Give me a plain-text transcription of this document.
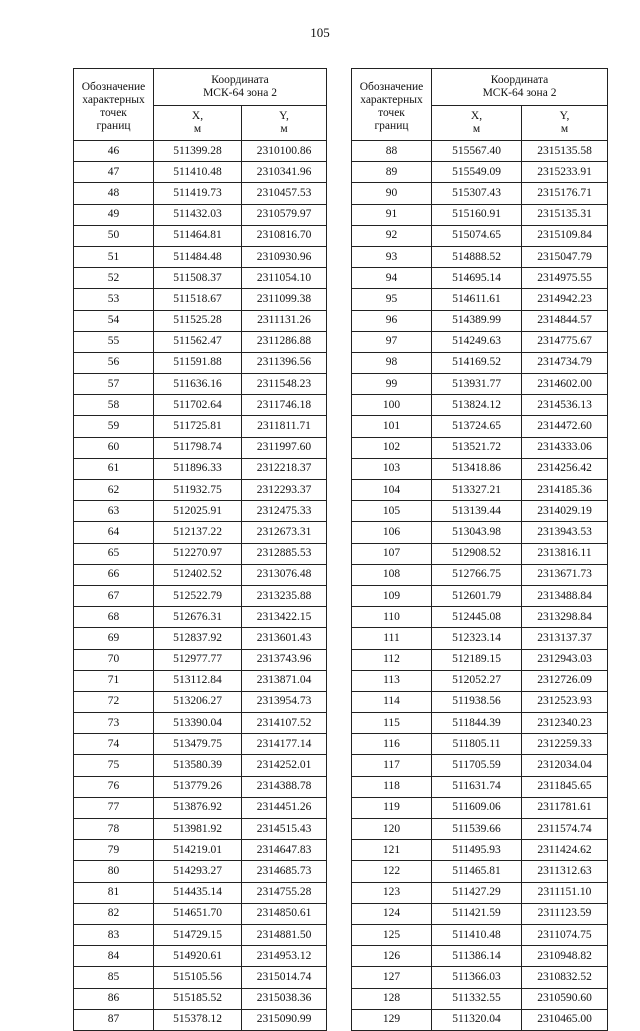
105
Обозначение
характерных
точек
границ	Координата
МСК-64 зона 2	

	X,
м	Y,
м

46	511399.28	2310100.86
47	511410.48	2310341.96
48	511419.73	2310457.53
49	511432.03	2310579.97
50	511464.81	2310816.70
51	511484.48	2310930.96
52	511508.37	2311054.10
53	511518.67	2311099.38
54	511525.28	2311131.26
55	511562.47	2311286.88
56	511591.88	2311396.56
57	511636.16	2311548.23
58	511702.64	2311746.18
59	511725.81	2311811.71
60	511798.74	2311997.60
61	511896.33	2312218.37
62	511932.75	2312293.37
63	512025.91	2312475.33
64	512137.22	2312673.31
65	512270.97	2312885.53
66	512402.52	2313076.48
67	512522.79	2313235.88
68	512676.31	2313422.15
69	512837.92	2313601.43
70	512977.77	2313743.96
71	513112.84	2313871.04
72	513206.27	2313954.73
73	513390.04	2314107.52
74	513479.75	2314177.14
75	513580.39	2314252.01
76	513779.26	2314388.78
77	513876.92	2314451.26
78	513981.92	2314515.43
79	514219.01	2314647.83
80	514293.27	2314685.73
81	514435.14	2314755.28
82	514651.70	2314850.61
83	514729.15	2314881.50
84	514920.61	2314953.12
85	515105.56	2315014.74
86	515185.52	2315038.36
87	515378.12	2315090.99
Обозначение
характерных
точек
границ	Координата
МСК-64 зона 2	

	X,
м	Y,
м

88	515567.40	2315135.58
89	515549.09	2315233.91
90	515307.43	2315176.71
91	515160.91	2315135.31
92	515074.65	2315109.84
93	514888.52	2315047.79
94	514695.14	2314975.55
95	514611.61	2314942.23
96	514389.99	2314844.57
97	514249.63	2314775.67
98	514169.52	2314734.79
99	513931.77	2314602.00
100	513824.12	2314536.13
101	513724.65	2314472.60
102	513521.72	2314333.06
103	513418.86	2314256.42
104	513327.21	2314185.36
105	513139.44	2314029.19
106	513043.98	2313943.53
107	512908.52	2313816.11
108	512766.75	2313671.73
109	512601.79	2313488.84
110	512445.08	2313298.84
111	512323.14	2313137.37
112	512189.15	2312943.03
113	512052.27	2312726.09
114	511938.56	2312523.93
115	511844.39	2312340.23
116	511805.11	2312259.33
117	511705.59	2312034.04
118	511631.74	2311845.65
119	511609.06	2311781.61
120	511539.66	2311574.74
121	511495.93	2311424.62
122	511465.81	2311312.63
123	511427.29	2311151.10
124	511421.59	2311123.59
125	511410.48	2311074.75
126	511386.14	2310948.82
127	511366.03	2310832.52
128	511332.55	2310590.60
129	511320.04	2310465.00
